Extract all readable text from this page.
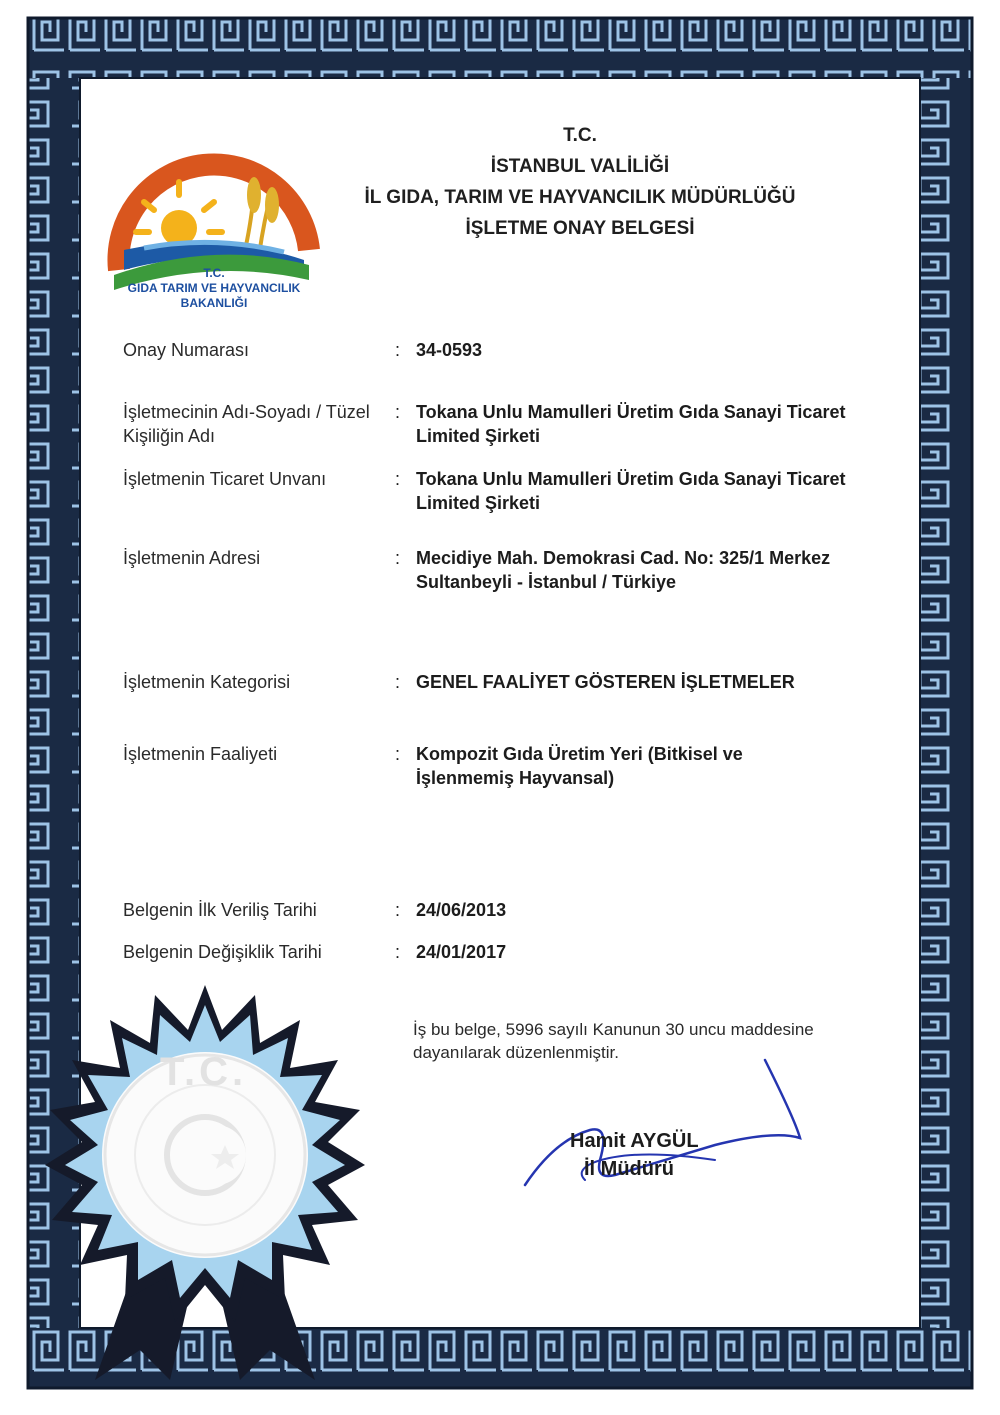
T.C.
GIDA TARIM VE HAYVANCILIK
BAKANLIĞI
T.C.
İSTANBUL VALİLİĞİ
İL GIDA, TARIM VE HAYVANCILIK MÜDÜRLÜĞÜ
İŞLETME ONAY BELGESİ
Onay Numarası	: 34-0593
İşletmecinin Adı-Soyadı / Tüzel Kişiliğin Adı
: Tokana Unlu Mamulleri Üretim Gıda Sanayi Ticaret Limited Şirketi
İşletmenin Ticaret Unvanı	: Tokana Unlu Mamulleri Üretim Gıda Sanayi Ticaret Limited Şirketi
İşletmenin Adresi	: Mecidiye Mah. Demokrasi Cad. No: 325/1 Merkez Sultanbeyli - İstanbul / Türkiye
İşletmenin Kategorisi	: GENEL FAALİYET GÖSTEREN İŞLETMELER
İşletmenin Faaliyeti	: Kompozit Gıda Üretim Yeri (Bitkisel ve İşlenmemiş Hayvansal)
Belgenin İlk Veriliş Tarihi	: 24/06/2013
Belgenin Değişiklik Tarihi	: 24/01/2017
İş bu belge, 5996 sayılı Kanunun 30 uncu maddesine dayanılarak düzenlenmiştir.
Hamit AYGÜL
İl Müdürü
T.C.
